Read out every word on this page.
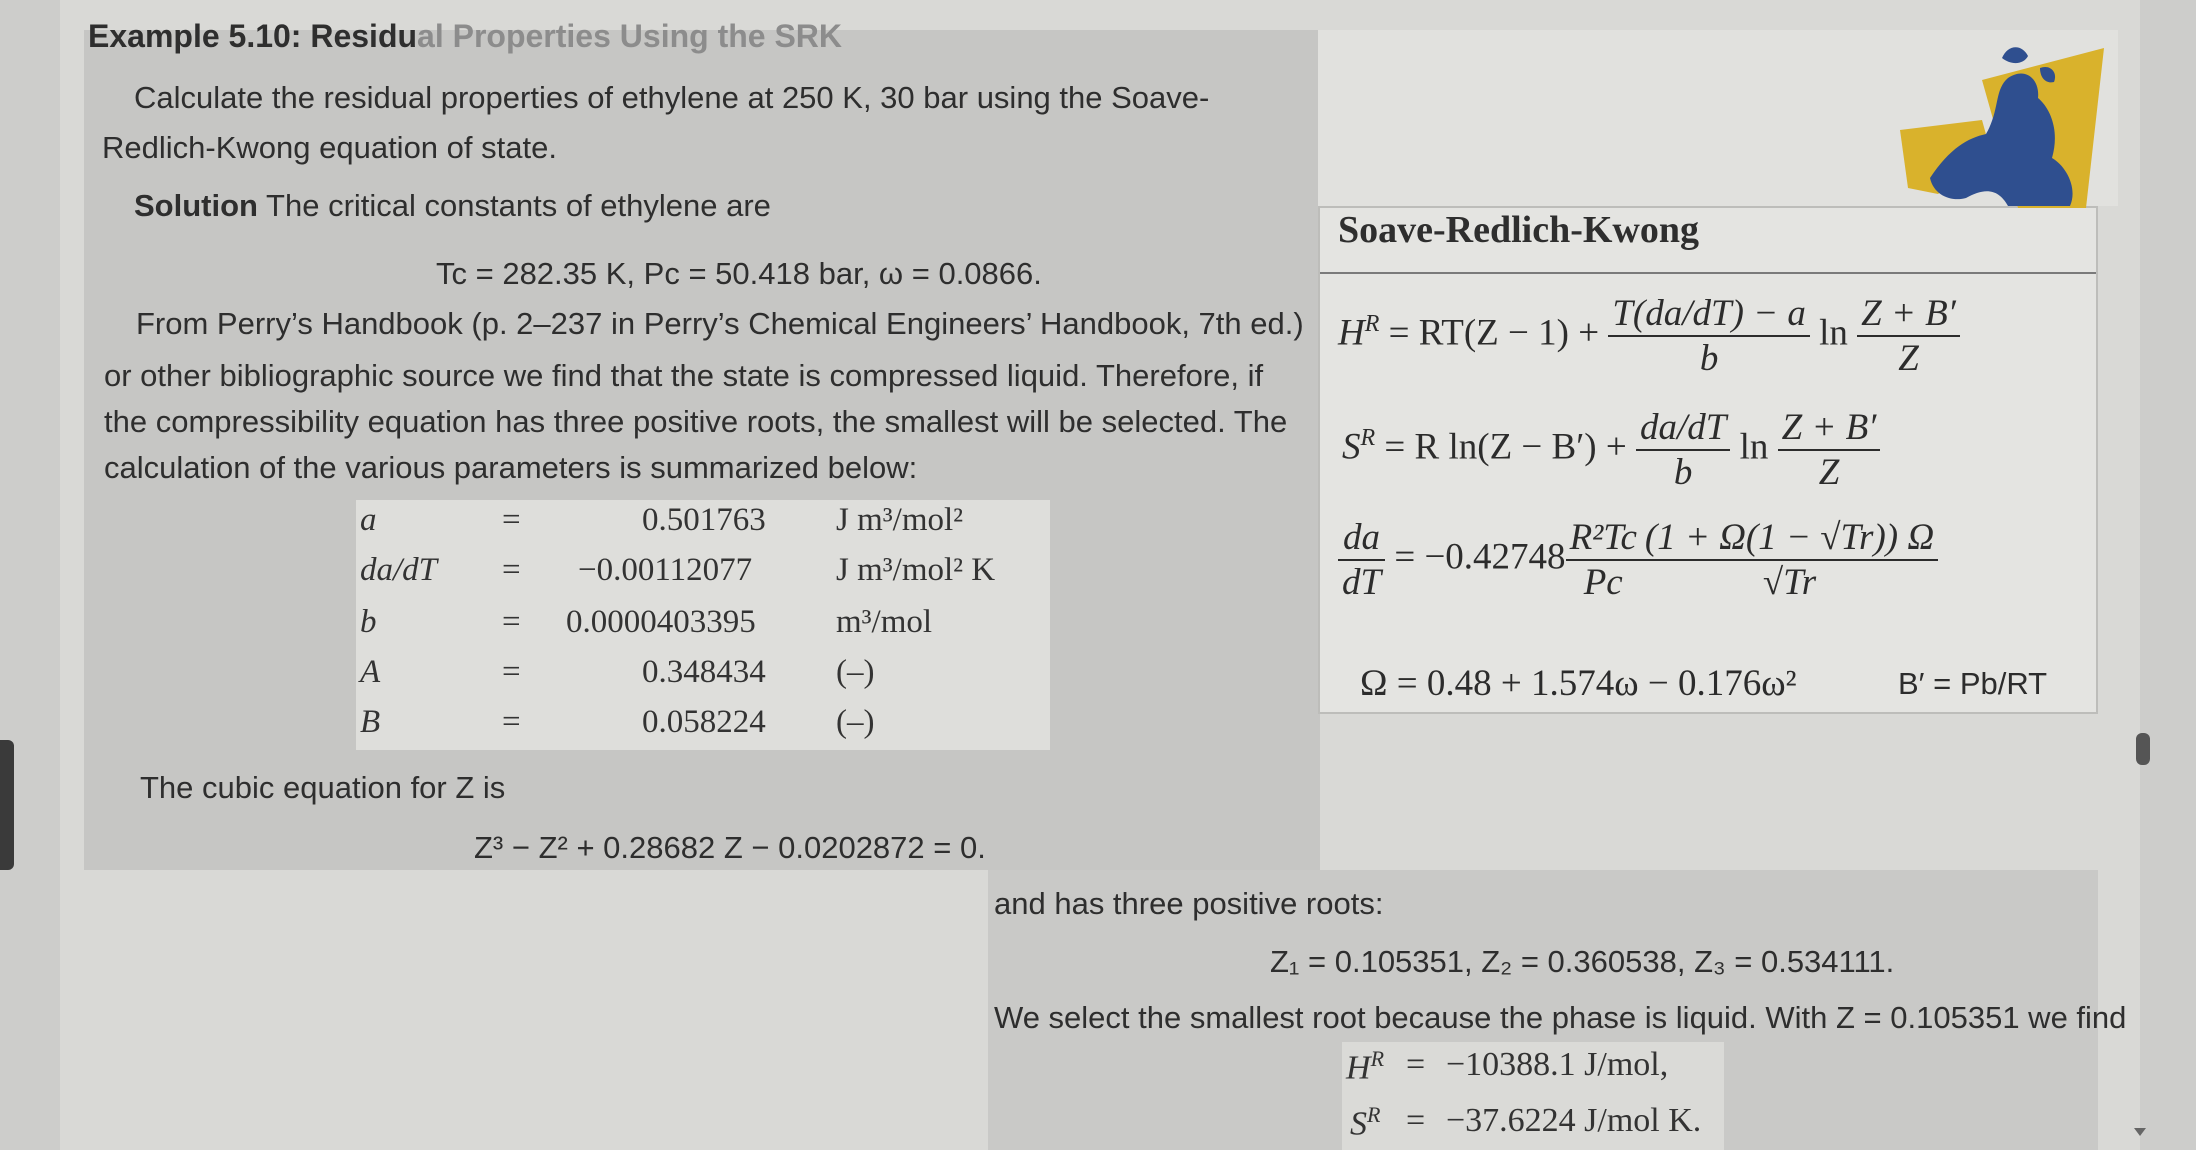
Example 5.10: Residual Properties Using the SRK
Calculate the residual properties of ethylene at 250 K, 30 bar using the Soave-
Redlich-Kwong equation of state.
Solution The critical constants of ethylene are
Tc = 282.35 K, Pc = 50.418 bar, ω = 0.0866.
From Perry’s Handbook (p. 2–237 in Perry’s Chemical Engineers’ Handbook, 7th ed.)
or other bibliographic source we find that the state is compressed liquid. Therefore, if
the compressibility equation has three positive roots, the smallest will be selected. The
calculation of the various parameters is summarized below:
a	=	0.501763 J m³/mol²
da/dT = −0.00112077	J m³/mol² K
b	= 0.0000403395 m³/mol
A	=	0.348434 (–)
B	=	0.058224 (–)
The cubic equation for Z is
Z³ − Z² + 0.28682 Z − 0.0202872 = 0.
and has three positive roots:
Z₁ = 0.105351, Z₂ = 0.360538, Z₃ = 0.534111.
We select the smallest root because the phase is liquid. With Z = 0.105351 we find
$H^R = -10388.1$ J/mol,
$S^R = -37.6224$ J/mol K.
Soave-Redlich-Kwong
$H^R = RT(Z - 1) + \frac{T(da/dT) - a}{b}$ $\ln \frac{Z + B'}{Z}$
$S^R = R$ $\ln(Z - B') + \frac{da/dT}{b}$ $\ln \frac{Z + B'}{Z}$
$\frac{da}{dT} = -0.42748 \frac{\text{R²Tc}}{Pc} \frac{(1 + \Omega(1 - √Tr)) \Omega}{√Tr}$
Ω = 0.48 + 1.574ω − 0.176ω²	B′ = Pb/RT
